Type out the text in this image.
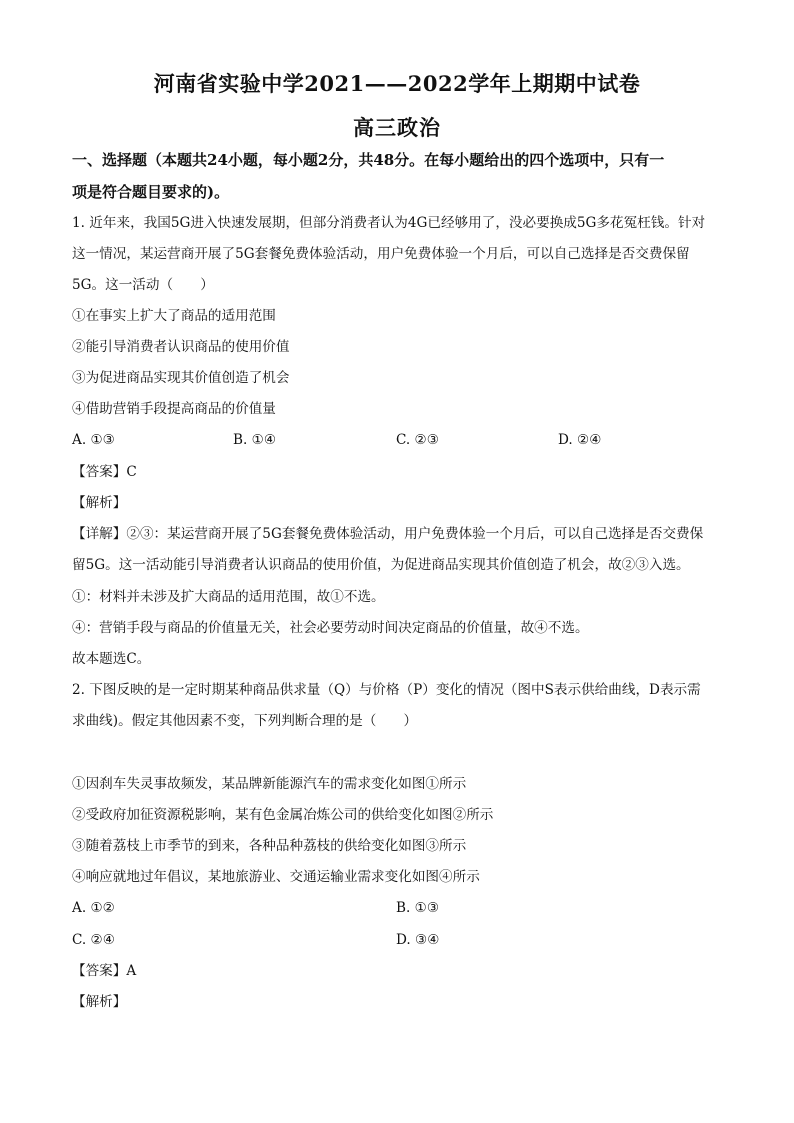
河南省实验中学2021——2022学年上期期中试卷
高三政治
一、选择题（本题共24小题，每小题2分，共48分。在每小题给出的四个选项中，只有一
项是符合题目要求的)。
1. 近年来，我国5G进入快速发展期，但部分消费者认为4G已经够用了，没必要换成5G多花冤枉钱。针对
这一情况，某运营商开展了5G套餐免费体验活动，用户免费体验一个月后，可以自己选择是否交费保留
5G。这一活动（　　）
①在事实上扩大了商品的适用范围
②能引导消费者认识商品的使用价值
③为促进商品实现其价值创造了机会
④借助营销手段提高商品的价值量
A. ①③	B. ①④	C. ②③	D. ②④
【答案】C
【解析】
【详解】②③：某运营商开展了5G套餐免费体验活动，用户免费体验一个月后，可以自己选择是否交费保
留5G。这一活动能引导消费者认识商品的使用价值，为促进商品实现其价值创造了机会，故②③入选。
①：材料并未涉及扩大商品的适用范围，故①不选。
④：营销手段与商品的价值量无关，社会必要劳动时间决定商品的价值量，故④不选。
故本题选C。
2. 下图反映的是一定时期某种商品供求量（Q）与价格（P）变化的情况（图中S表示供给曲线，D表示需
求曲线)。假定其他因素不变，下列判断合理的是（　　）
①因刹车失灵事故频发，某品牌新能源汽车的需求变化如图①所示
②受政府加征资源税影响，某有色金属冶炼公司的供给变化如图②所示
③随着荔枝上市季节的到来，各种品种荔枝的供给变化如图③所示
④响应就地过年倡议，某地旅游业、交通运输业需求变化如图④所示
A. ①②	B. ①③
C. ②④	D. ③④
【答案】A
【解析】
